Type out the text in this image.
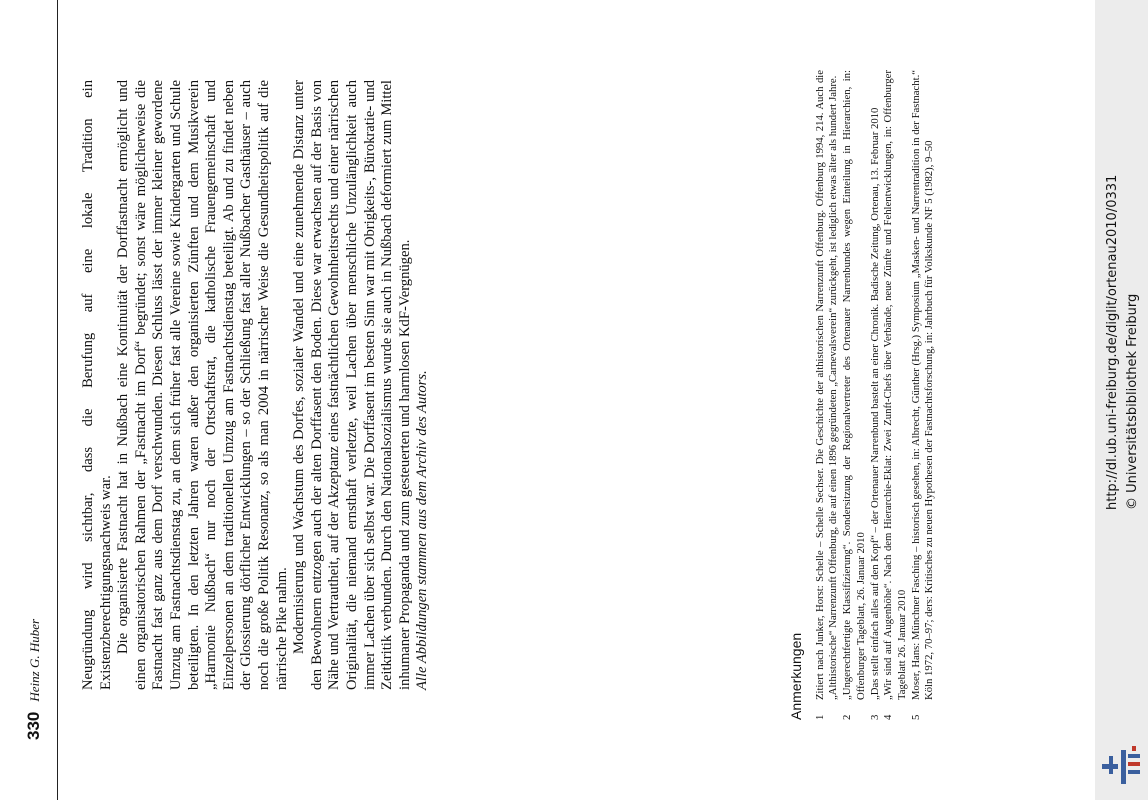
330
Heinz G. Huber	Neugründung wird sichtbar, dass die Berufung auf eine lokale Tradition ein Existenzberechtigungsnachweis war. Die organisierte Fastnacht hat in Nußbach eine Kontinuität der Dorffastnacht ermöglicht und einen organisatorischen Rahmen der „Fastnacht im Dorf“ begründet; sonst wäre möglicherweise die Fastnacht fast ganz aus dem Dorf verschwunden. Diesen Schluss lässt der immer kleiner gewordene Umzug am Fastnachtsdienstag zu, an dem sich früher fast alle Vereine sowie Kindergarten und Schule beteiligten. In den letzten Jahren waren außer den organisierten Zünften und dem Musikverein „Harmonie Nußbach“ nur noch der Ortschaftsrat, die katholische Frauengemeinschaft und Einzelpersonen an dem traditionellen Umzug am Fastnachtsdienstag beteiligt. Ab und zu findet neben der Glossierung dörflicher Entwicklungen – so der Schließung fast aller Nußbacher Gasthäuser – auch noch die große Politik Resonanz, so als man 2004 in närrischer Weise die Gesundheitspolitik auf die närrische Pike nahm. Modernisierung und Wachstum des Dorfes, sozialer Wandel und eine zunehmende Distanz unter den Bewohnern entzogen auch der alten Dorffasent den Boden. Diese war erwachsen auf der Basis von Nähe und Vertrautheit, auf der Akzeptanz eines fastnächtlichen Gewohnheitsrechts und einer närrischen Originalität, die niemand ernsthaft verletzte, weil Lachen über menschliche Unzulänglichkeit auch immer Lachen über sich selbst war. Die Dorffasent im besten Sinn war mit Obrigkeits-, Bürokratie- und Zeitkritik verbunden. Durch den Nationalsozialismus wurde sie auch in Nußbach deformiert zum Mittel inhumaner Propaganda und zum gesteuerten und harmlosen KdF-Vergnügen. Alle Abbildungen stammen aus dem Archiv des Autors.	Anmerkungen 1
Zitiert nach Junker, Horst: Schelle – Schelle Sechser. Die Geschichte der althistorischen Narrenzunft Offenburg. Offenburg 1994, 214. Auch die „Althistorische“ Narrenzunft Offenburg, die auf einen 1896 gegründeten „Carnevalsverein“ zurückgeht, ist lediglich etwas älter als hundert Jahre.
2
„Ungerechtfertigte Klassifizierung“. Sondersitzung der Regionalvertreter des Ortenauer Narrenbundes wegen Einteilung in Hierarchien, in: Offenburger Tageblatt, 26. Januar 2010
3
„Das stellt einfach alles auf den Kopf“ – der Ortenauer Narrenbund bastelt an einer Chronik. Badische Zeitung, Ortenau, 13. Februar 2010
4
„Wir sind auf Augenhöhe“. Nach dem Hierarchie-Eklat: Zwei Zunft-Chefs über Verbände, neue Zünfte und Fehlentwicklungen, in: Offenburger Tageblatt 26. Januar 2010
5
Moser, Hans: Münchner Fasching – historisch gesehen, in: Albrecht, Günther (Hrsg.) Symposium „Masken- und Narrentradition in der Fastnacht.“ Köln 1972, 70–97; ders: Kritisches zu neuen Hypothesen der Fastnachtsforschung, in: Jahrbuch für Volkskunde NF 5 (1982), 9–50	http://dl.ub.uni-freiburg.de/diglit/ortenau2010/0331 © Universitätsbibliothek Freiburg
